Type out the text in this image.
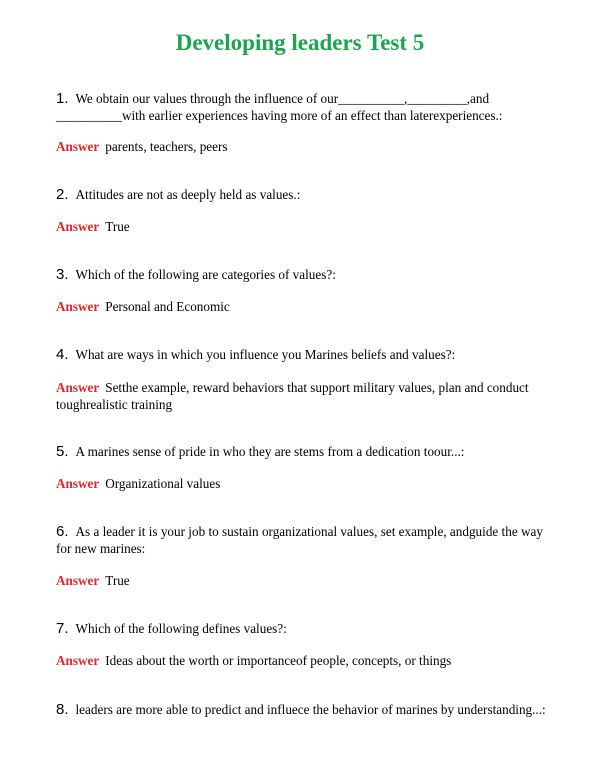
Developing leaders Test 5

1. We obtain our values through the influence of our__________,_________,and __________with earlier experiences having more of an effect than laterexperiences.:

Answer parents, teachers, peers

2. Attitudes are not as deeply held as values.:

Answer True

3. Which of the following are categories of values?:

Answer Personal and Economic

4. What are ways in which you influence you Marines beliefs and values?:

Answer Setthe example, reward behaviors that support military values, plan and conduct toughrealistic training

5. A marines sense of pride in who they are stems from a dedication toour...:

Answer Organizational values

6. As a leader it is your job to sustain organizational values, set example, andguide the way for new marines:

Answer True

7. Which of the following defines values?:

Answer Ideas about the worth or importanceof people, concepts, or things

8. leaders are more able to predict and influece the behavior of marines by understanding...:
